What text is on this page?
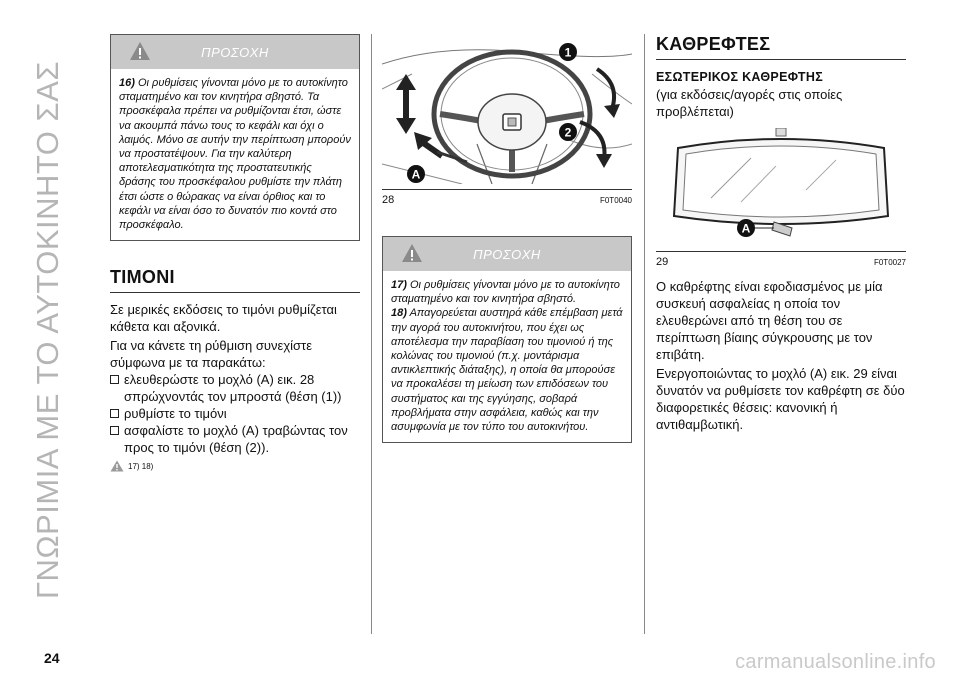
ΓΝΩΡΙΜΙΑ ΜΕ ΤΟ ΑΥΤΟΚΙΝΗΤΟ ΣΑΣ
ΠΡΟΣΟΧΗ
16) Οι ρυθμίσεις γίνονται μόνο με το αυτοκίνητο σταματημένο και τον κινητήρα σβηστό. Τα προσκέφαλα πρέπει να ρυθμίζονται έτσι, ώστε να ακουμπά πάνω τους το κεφάλι και όχι ο λαιμός. Μόνο σε αυτήν την περίπτωση μπορούν να προστατέψουν. Για την καλύτερη αποτελεσματικότητα της προστατευτικής δράσης του προσκέφαλου ρυθμίστε την πλάτη έτσι ώστε ο θώρακας να είναι όρθιος και το κεφάλι να είναι όσο το δυνατόν πιο κοντά στο προσκέφαλο.
ΤΙΜΟΝΙ

Σε μερικές εκδόσεις το τιμόνι ρυθμίζεται κάθετα και αξονικά.

Για να κάνετε τη ρύθμιση συνεχίστε σύμφωνα με τα παρακάτω:

ελευθερώστε το μοχλό (A) εικ. 28 σπρώχνοντάς τον μπροστά (θέση (1))
ρυθμίστε το τιμόνι
ασφαλίστε το μοχλό (A) τραβώντας τον προς το τιμόνι (θέση (2)).
17) 18)
1
2
A
28	F0T0040
ΠΡΟΣΟΧΗ

17) Οι ρυθμίσεις γίνονται μόνο με το αυτοκίνητο σταματημένο και τον κινητήρα σβηστό.

18) Απαγορεύεται αυστηρά κάθε επέμβαση μετά την αγορά του αυτοκινήτου, που έχει ως αποτέλεσμα την παραβίαση του τιμονιού ή της κολώνας του τιμονιού (π.χ. μοντάρισμα αντικλεπτικής διάταξης), η οποία θα μπορούσε να προκαλέσει τη μείωση των επιδόσεων του συστήματος και της εγγύησης, σοβαρά προβλήματα στην ασφάλεια, καθώς και την ασυμφωνία με τον τύπο του αυτοκινήτου.

ΚΑΘΡΕΦΤΕΣ
ΕΣΩΤΕΡΙΚΟΣ ΚΑΘΡΕΦΤΗΣ

(για εκδόσεις/αγορές στις οποίες προβλέπεται)

A
29	F0T0027

Ο καθρέφτης είναι εφοδιασμένος με μία συσκευή ασφαλείας η οποία τον ελευθερώνει από τη θέση του σε περίπτωση βίαιης σύγκρουσης με τον επιβάτη.

Ενεργοποιώντας το μοχλό (A) εικ. 29 είναι δυνατόν να ρυθμίσετε τον καθρέφτη σε δύο διαφορετικές θέσεις: κανονική ή αντιθαμβωτική.

24	carmanualsonline.info
